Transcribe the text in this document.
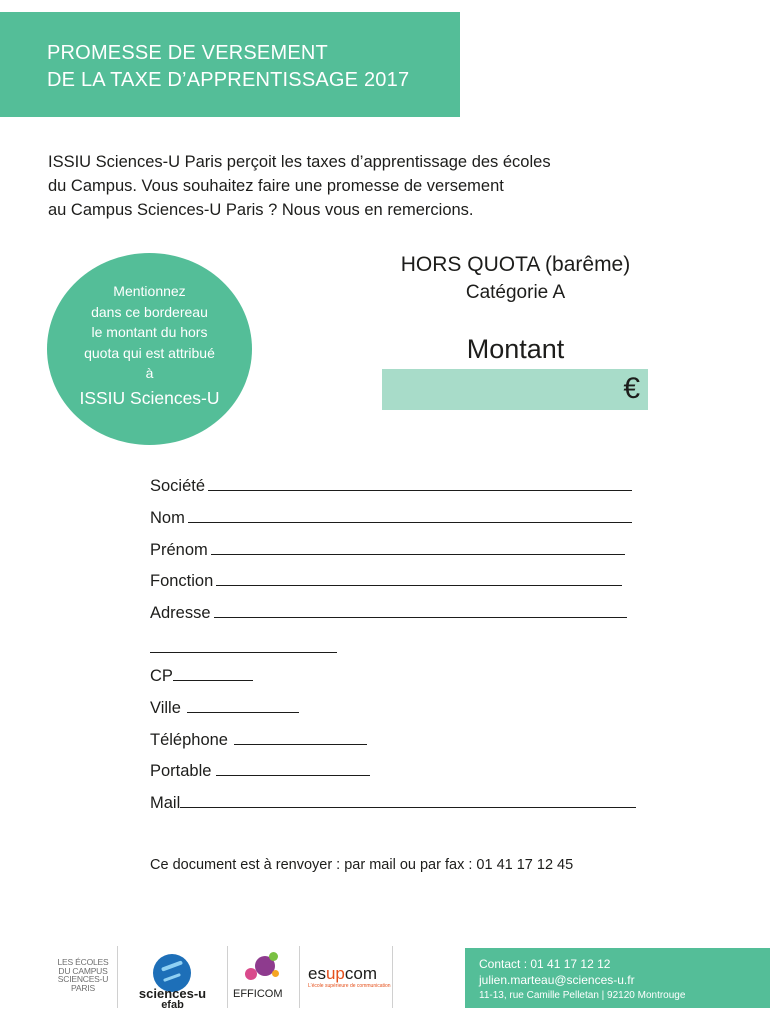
PROMESSE DE VERSEMENT
DE LA TAXE D’APPRENTISSAGE 2017
ISSIU Sciences-U Paris perçoit les taxes d’apprentissage des écoles
du Campus. Vous souhaitez faire une promesse de versement
au Campus Sciences-U Paris ? Nous vous en remercions.
Mentionnez
dans ce bordereau
le montant du hors
quota qui est attribué
à
ISSIU Sciences-U
HORS QUOTA (barême)
Catégorie A
Montant
€
Société
Nom
Prénom
Fonction
Adresse
CP
Ville
Téléphone
Portable
Mail
Ce document est à renvoyer : par mail ou par fax : 01 41 17 12 45
LES ÉCOLES
DU CAMPUS
SCIENCES-U
PARIS	sciences-u
efab
EFFICOM
esupcom
L’école supérieure de communication
Contact : 01 41 17 12 12
julien.marteau@sciences-u.fr
11-13, rue Camille Pelletan | 92120 Montrouge
